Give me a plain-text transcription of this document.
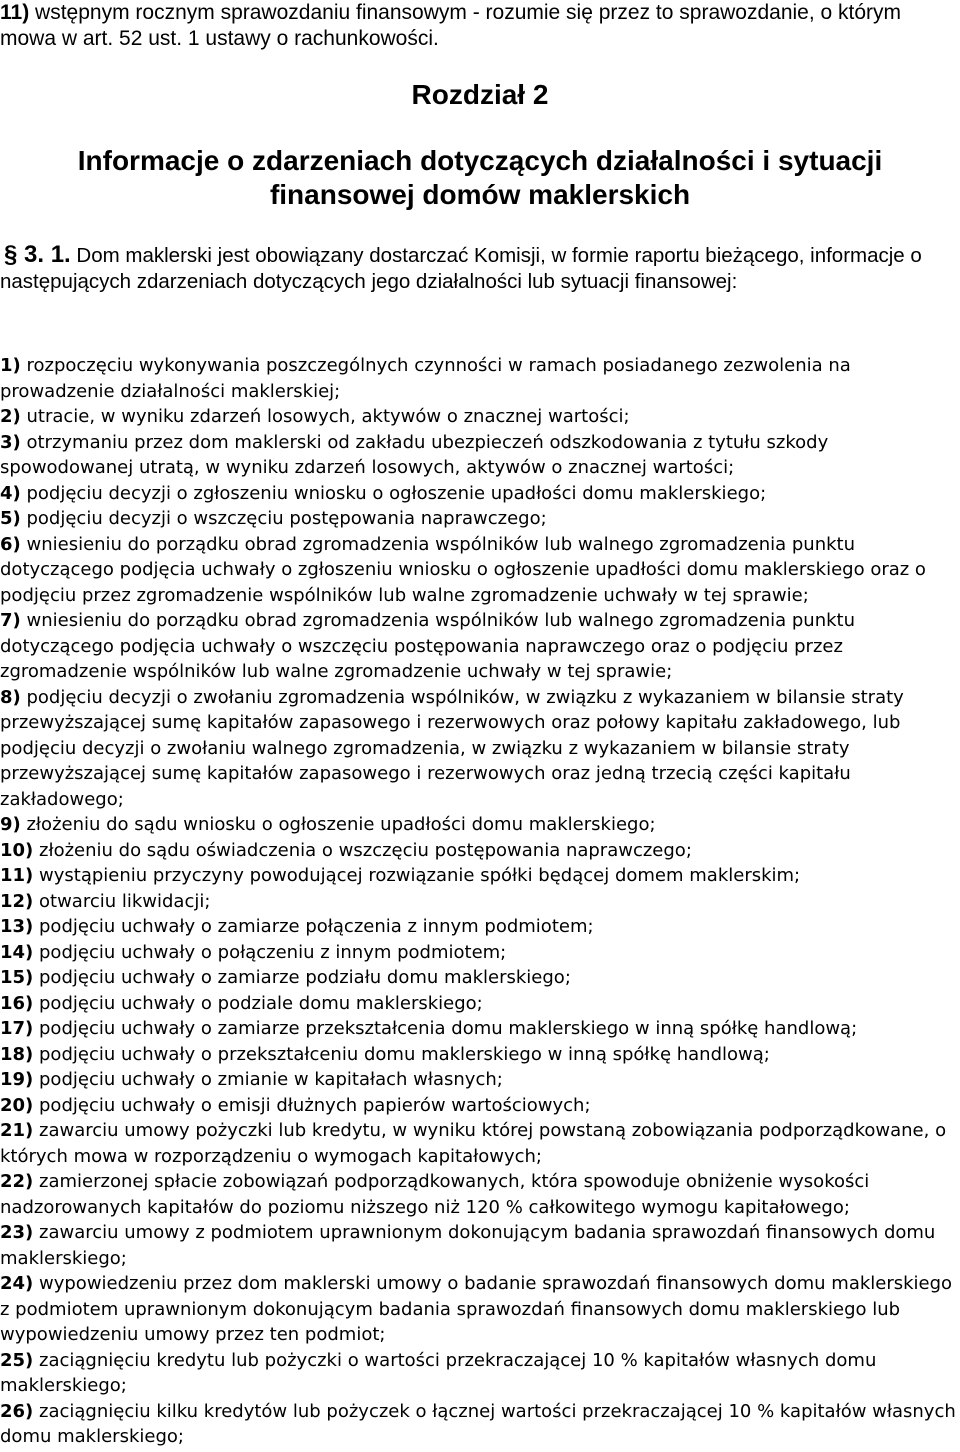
11) wstępnym rocznym sprawozdaniu finansowym - rozumie się przez to sprawozdanie, o którym mowa w art. 52 ust. 1 ustawy o rachunkowości.

Rozdział 2
Informacje o zdarzeniach dotyczących działalności i sytuacji
finansowej domów maklerskich

§ 3. 1. Dom maklerski jest obowiązany dostarczać Komisji, w formie raportu bieżącego, informacje o następujących zdarzeniach dotyczących jego działalności lub sytuacji finansowej:

1) rozpoczęciu wykonywania poszczególnych czynności w ramach posiadanego zezwolenia na prowadzenie działalności maklerskiej;
2) utracie, w wyniku zdarzeń losowych, aktywów o znacznej wartości;
3) otrzymaniu przez dom maklerski od zakładu ubezpieczeń odszkodowania z tytułu szkody spowodowanej utratą, w wyniku zdarzeń losowych, aktywów o znacznej wartości;
4) podjęciu decyzji o zgłoszeniu wniosku o ogłoszenie upadłości domu maklerskiego;
5) podjęciu decyzji o wszczęciu postępowania naprawczego;
6) wniesieniu do porządku obrad zgromadzenia wspólników lub walnego zgromadzenia punktu dotyczącego podjęcia uchwały o zgłoszeniu wniosku o ogłoszenie upadłości domu maklerskiego oraz o podjęciu przez zgromadzenie wspólników lub walne zgromadzenie uchwały w tej sprawie;
7) wniesieniu do porządku obrad zgromadzenia wspólników lub walnego zgromadzenia punktu dotyczącego podjęcia uchwały o wszczęciu postępowania naprawczego oraz o podjęciu przez zgromadzenie wspólników lub walne zgromadzenie uchwały w tej sprawie;
8) podjęciu decyzji o zwołaniu zgromadzenia wspólników, w związku z wykazaniem w bilansie straty przewyższającej sumę kapitałów zapasowego i rezerwowych oraz połowy kapitału zakładowego, lub podjęciu decyzji o zwołaniu walnego zgromadzenia, w związku z wykazaniem w bilansie straty przewyższającej sumę kapitałów zapasowego i rezerwowych oraz jedną trzecią części kapitału zakładowego;
9) złożeniu do sądu wniosku o ogłoszenie upadłości domu maklerskiego;
10) złożeniu do sądu oświadczenia o wszczęciu postępowania naprawczego;
11) wystąpieniu przyczyny powodującej rozwiązanie spółki będącej domem maklerskim;
12) otwarciu likwidacji;
13) podjęciu uchwały o zamiarze połączenia z innym podmiotem;
14) podjęciu uchwały o połączeniu z innym podmiotem;
15) podjęciu uchwały o zamiarze podziału domu maklerskiego;
16) podjęciu uchwały o podziale domu maklerskiego;
17) podjęciu uchwały o zamiarze przekształcenia domu maklerskiego w inną spółkę handlową;
18) podjęciu uchwały o przekształceniu domu maklerskiego w inną spółkę handlową;
19) podjęciu uchwały o zmianie w kapitałach własnych;
20) podjęciu uchwały o emisji dłużnych papierów wartościowych;
21) zawarciu umowy pożyczki lub kredytu, w wyniku której powstaną zobowiązania podporządkowane, o których mowa w rozporządzeniu o wymogach kapitałowych;
22) zamierzonej spłacie zobowiązań podporządkowanych, która spowoduje obniżenie wysokości nadzorowanych kapitałów do poziomu niższego niż 120 % całkowitego wymogu kapitałowego;
23) zawarciu umowy z podmiotem uprawnionym dokonującym badania sprawozdań finansowych domu maklerskiego;
24) wypowiedzeniu przez dom maklerski umowy o badanie sprawozdań finansowych domu maklerskiego z podmiotem uprawnionym dokonującym badania sprawozdań finansowych domu maklerskiego lub wypowiedzeniu umowy przez ten podmiot;
25) zaciągnięciu kredytu lub pożyczki o wartości przekraczającej 10 % kapitałów własnych domu maklerskiego;
26) zaciągnięciu kilku kredytów lub pożyczek o łącznej wartości przekraczającej 10 % kapitałów własnych domu maklerskiego;
